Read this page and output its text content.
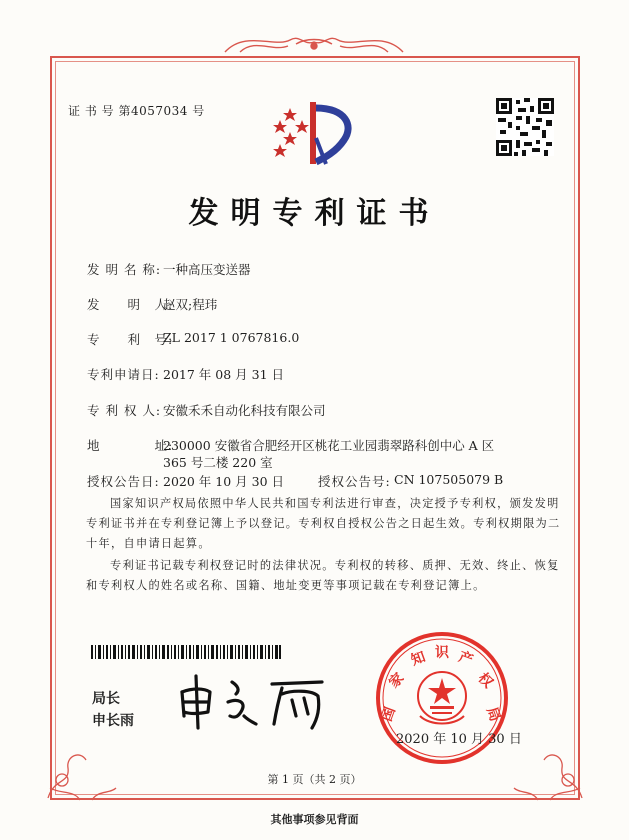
证 书 号 第4057034 号
发明专利证书
发 明 名 称: 一种高压变送器
发　　明　人:
赵双;程玮
专　　利　号:
ZL 2017 1 0767816.0
专利申请日: 2017 年 08 月 31 日
专 利 权 人: 安徽禾禾自动化科技有限公司
地　　　　址:
230000 安徽省合肥经开区桃花工业园翡翠路科创中心 A 区
365 号二楼 220 室
授权公告日: 2020 年 10 月 30 日	授权公告号: CN 107505079 B
国家知识产权局依照中华人民共和国专利法进行审查，决定授予专利权，颁发发明专利证书并在专利登记簿上予以登记。专利权自授权公告之日起生效。专利权期限为二十年，自申请日起算。
专利证书记载专利权登记时的法律状况。专利权的转移、质押、无效、终止、恢复和专利权人的姓名或名称、国籍、地址变更等事项记载在专利登记簿上。
局长
申长雨	国
家
知 识 产
权
局
2020 年 10 月 30 日
第 1 页（共 2 页）
其他事项参见背面
